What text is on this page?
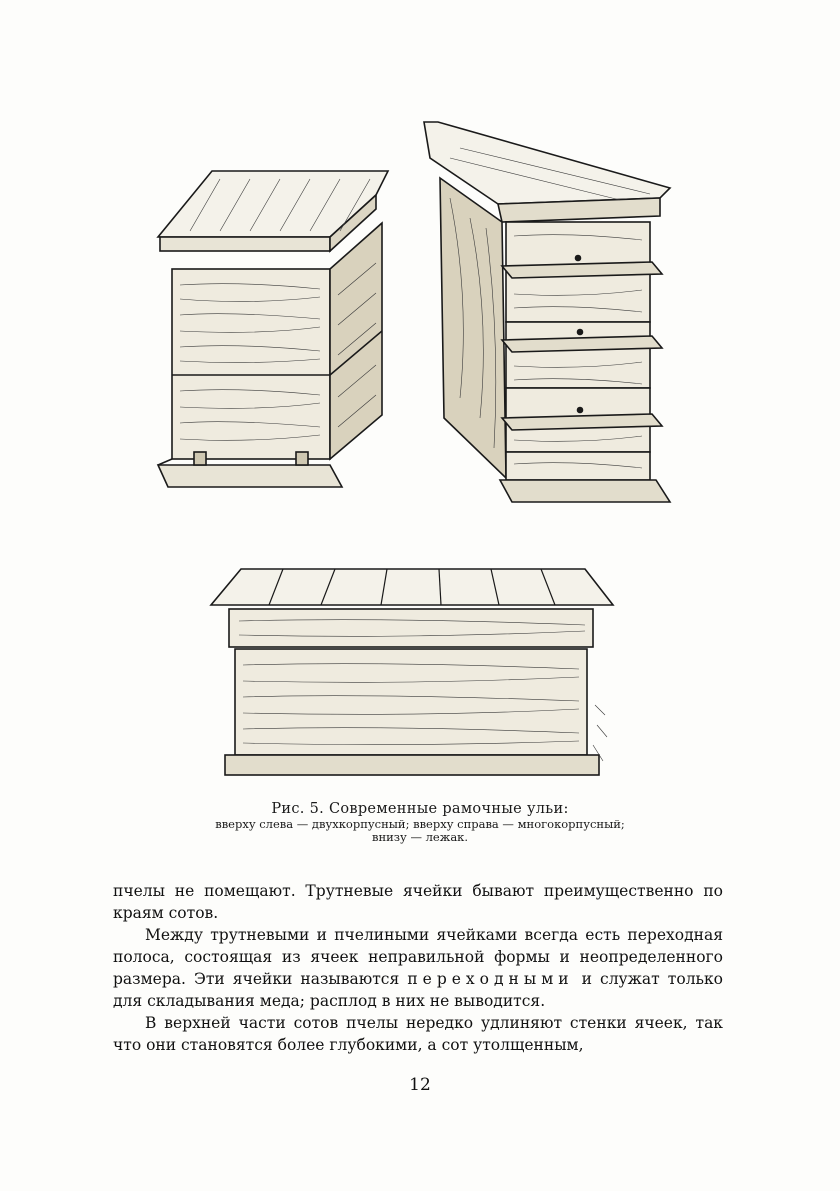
Рис. 5. Современные рамочные ульи:
вверху слева — двухкорпусный; вверху справа — многокорпусный;
внизу — лежак.

пчелы не помещают. Трутневые ячейки бывают преимущественно по краям сотов.

Между трутневыми и пчелиными ячейками всегда есть переходная полоса, состоящая из ячеек неправильной формы и неопределенного размера. Эти ячейки называются переходными и служат только для складывания меда; расплод в них не выводится.

В верхней части сотов пчелы нередко удлиняют стенки ячеек, так что они становятся более глубокими, а сот утолщенным,

12
